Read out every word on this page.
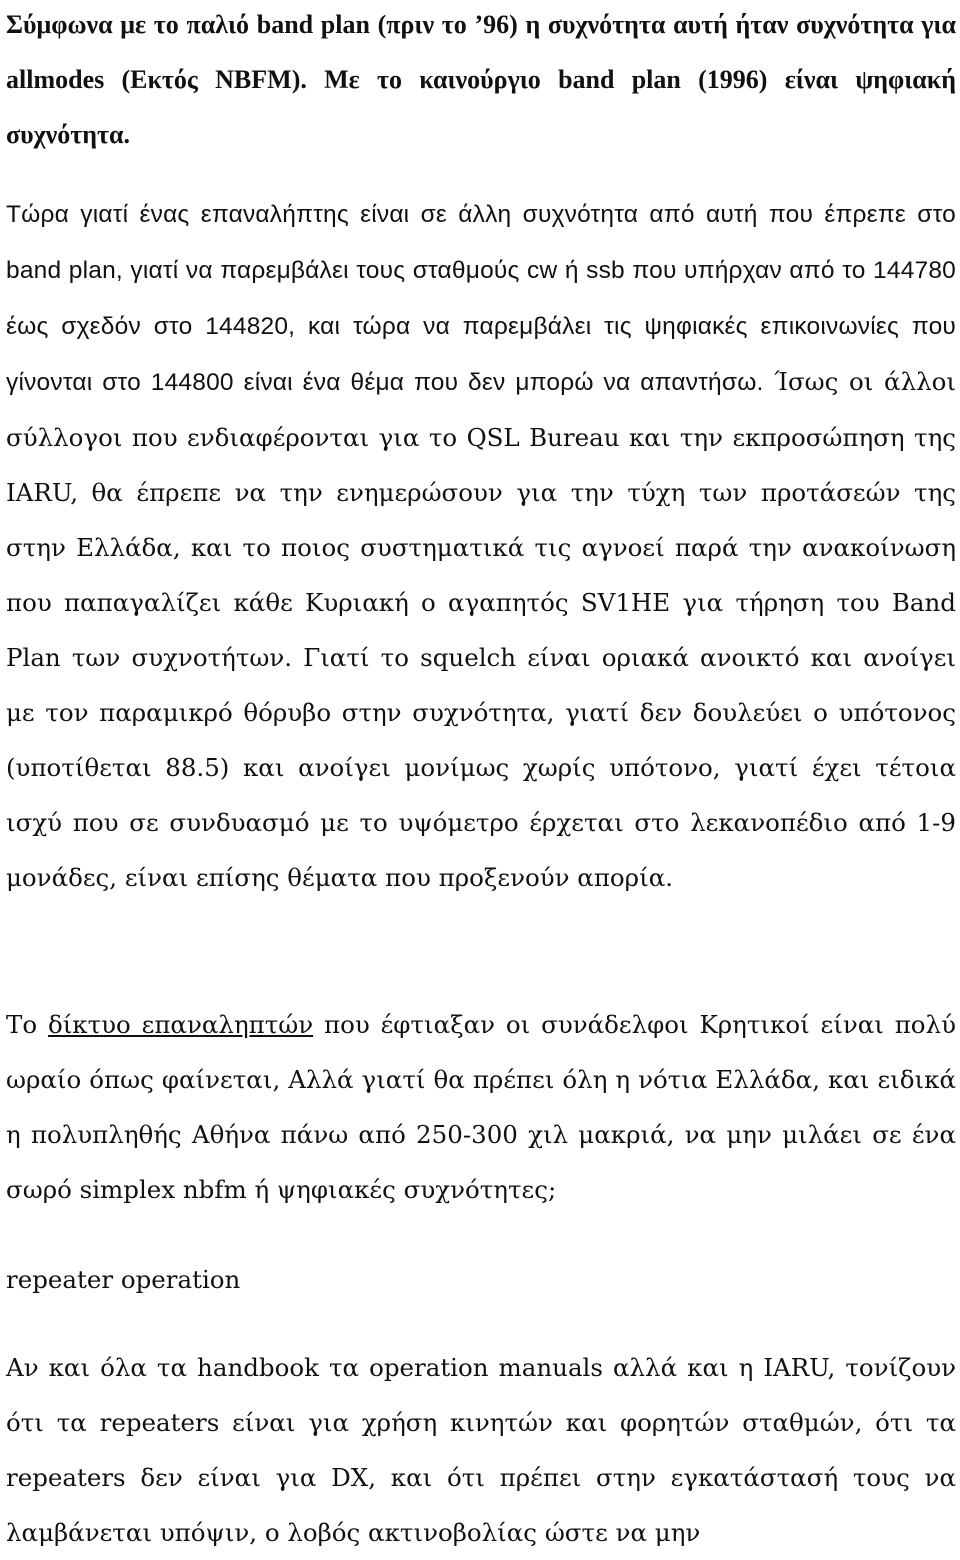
Σύμφωνα με το παλιό band plan (πριν το ’96) η συχνότητα αυτή ήταν συχνότητα για allmodes (Εκτός NBFM). Με το καινούργιο band plan (1996) είναι ψηφιακή συχνότητα.

Τώρα γιατί ένας επαναλήπτης είναι σε άλλη συχνότητα από αυτή που έπρεπε στο band plan, γιατί να παρεμβάλει τους σταθμούς cw ή ssb που υπήρχαν από το 144780 έως σχεδόν στο 144820, και τώρα να παρεμβάλει τις ψηφιακές επικοινωνίες που γίνονται στο 144800 είναι ένα θέμα που δεν μπορώ να απαντήσω. Ίσως οι άλλοι σύλλογοι που ενδιαφέρονται για το QSL Bureau και την εκπροσώπηση της IARU, θα έπρεπε να την ενημερώσουν για την τύχη των προτάσεών της στην Ελλάδα, και το ποιος συστηματικά τις αγνοεί παρά την ανακοίνωση που παπαγαλίζει κάθε Κυριακή ο αγαπητός SV1HE για τήρηση του Band Plan των συχνοτήτων. Γιατί το squelch είναι οριακά ανοικτό και ανοίγει με τον παραμικρό θόρυβο στην συχνότητα, γιατί δεν δουλεύει ο υπότονος (υποτίθεται 88.5) και ανοίγει μονίμως χωρίς υπότονο, γιατί έχει τέτοια ισχύ που σε συνδυασμό με το υψόμετρο έρχεται στο λεκανοπέδιο από 1-9 μονάδες, είναι επίσης θέματα που προξενούν απορία.

Το δίκτυο επαναληπτών που έφτιαξαν οι συνάδελφοι Κρητικοί είναι πολύ ωραίο όπως φαίνεται, Αλλά γιατί θα πρέπει όλη η νότια Ελλάδα, και ειδικά η πολυπληθής Αθήνα πάνω από 250-300 χιλ μακριά, να μην μιλάει σε ένα σωρό simplex nbfm ή ψηφιακές συχνότητες;

repeater operation

Αν και όλα τα handbook τα operation manuals αλλά και η IARU, τονίζουν ότι τα repeaters είναι για χρήση κινητών και φορητών σταθμών, ότι τα repeaters δεν είναι για DX, και ότι πρέπει στην εγκατάστασή τους να λαμβάνεται υπόψιν, ο λοβός ακτινοβολίας ώστε να μην
